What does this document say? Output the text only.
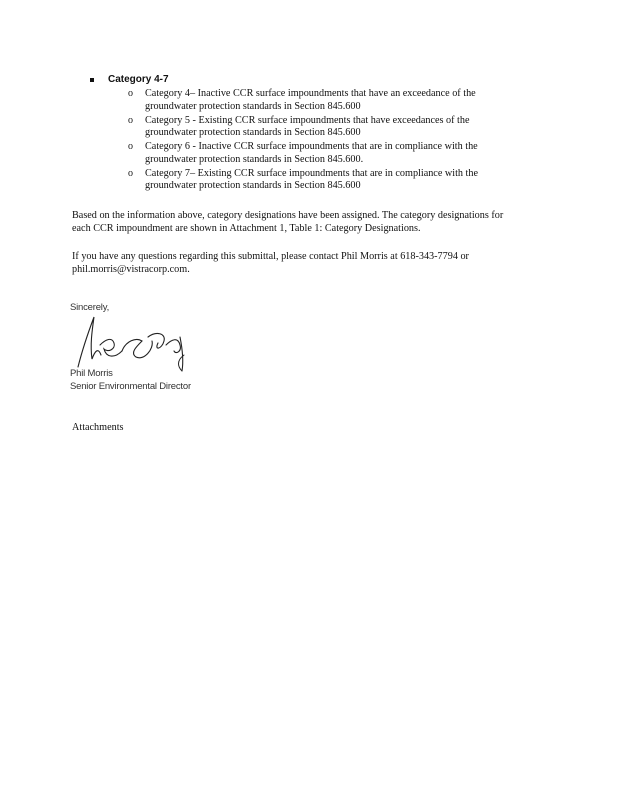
Category 4-7
o Category 4– Inactive CCR surface impoundments that have an exceedance of the
groundwater protection standards in Section 845.600
o Category 5 - Existing CCR surface impoundments that have exceedances of the
groundwater protection standards in Section 845.600
o Category 6 - Inactive CCR surface impoundments that are in compliance with the
groundwater protection standards in Section 845.600.
o Category 7– Existing CCR surface impoundments that are in compliance with the
groundwater protection standards in Section 845.600
Based on the information above, category designations have been assigned. The category designations for
each CCR impoundment are shown in Attachment 1, Table 1: Category Designations.
If you have any questions regarding this submittal, please contact Phil Morris at 618-343-7794 or
phil.morris@vistracorp.com.
Sincerely,
Phil Morris
Senior Environmental Director
Attachments
